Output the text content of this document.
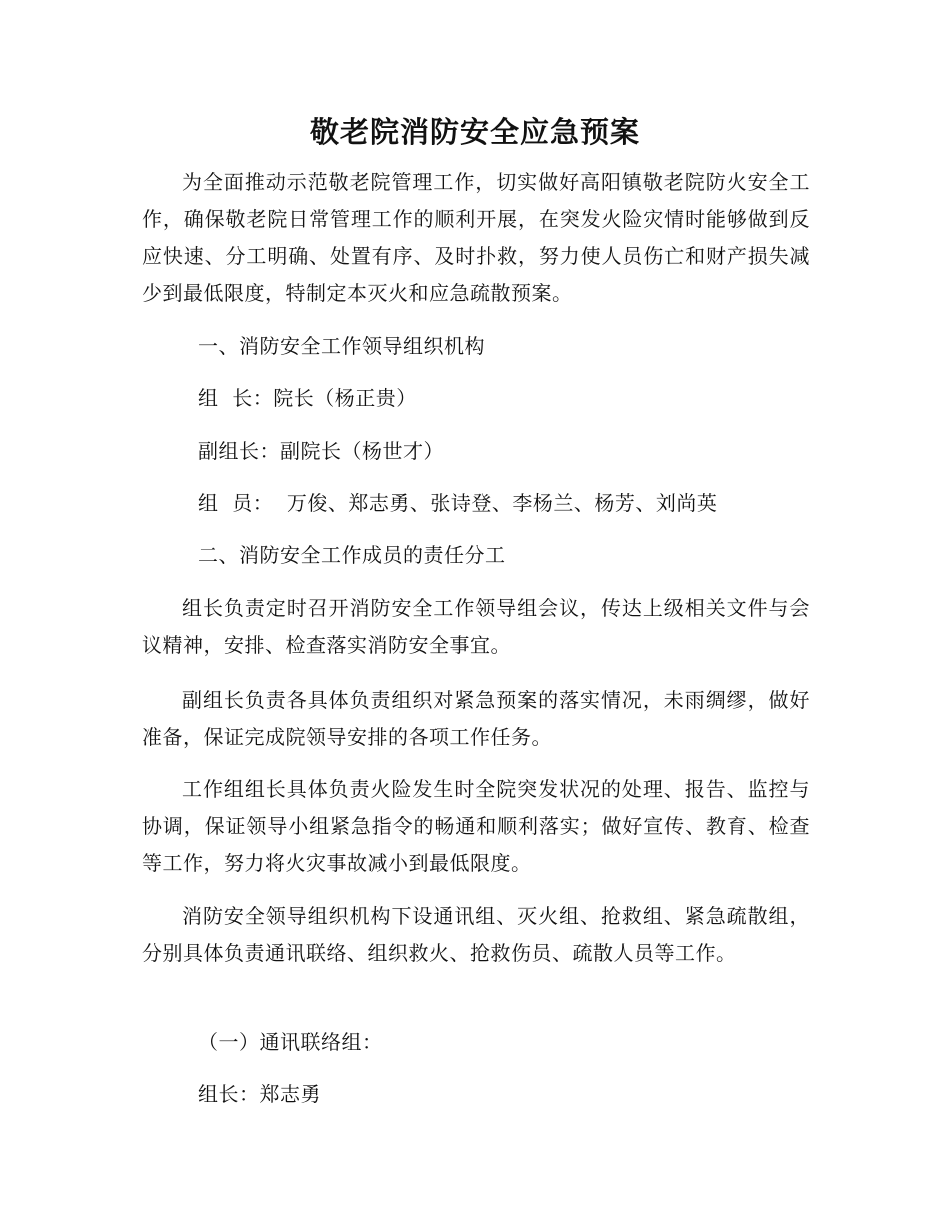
敬老院消防安全应急预案
为全面推动示范敬老院管理工作，切实做好高阳镇敬老院防火安全工作，确保敬老院日常管理工作的顺利开展，在突发火险灾情时能够做到反应快速、分工明确、处置有序、及时扑救，努力使人员伤亡和财产损失减少到最低限度，特制定本灭火和应急疏散预案。
一、消防安全工作领导组织机构
组  长：院长（杨正贵）
副组长：副院长（杨世才）
组  员：  万俊、郑志勇、张诗登、李杨兰、杨芳、刘尚英
二、消防安全工作成员的责任分工
组长负责定时召开消防安全工作领导组会议，传达上级相关文件与会议精神，安排、检查落实消防安全事宜。
副组长负责各具体负责组织对紧急预案的落实情况，未雨绸缪，做好准备，保证完成院领导安排的各项工作任务。
工作组组长具体负责火险发生时全院突发状况的处理、报告、监控与协调，保证领导小组紧急指令的畅通和顺利落实；做好宣传、教育、检查等工作，努力将火灾事故减小到最低限度。
消防安全领导组织机构下设通讯组、灭火组、抢救组、紧急疏散组，分别具体负责通讯联络、组织救火、抢救伤员、疏散人员等工作。
（一）通讯联络组：
组长：郑志勇
